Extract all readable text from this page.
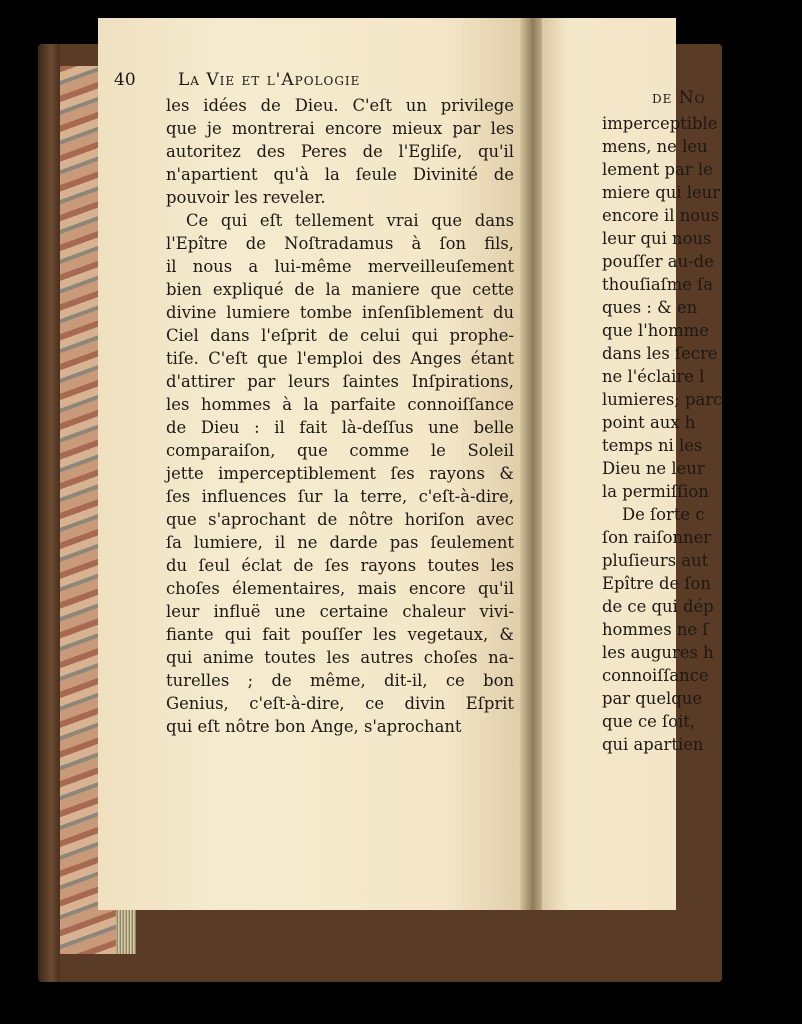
de No
imperceptible
mens, ne leu
lement par le
miere qui leur
encore il nous
leur qui nous
pouſſer au-de
thouſiaſme ſa
ques : & en
que l'homme
dans les ſecre
ne l'éclaire l
lumieres; parc
point aux h
temps ni les
Dieu ne leur
la permiſſion
De ſorte c
ſon raiſonner
pluſieurs aut
Epître de ſon
de ce qui dép
hommes ne ſ
les augures h
connoiſſance
par quelque
que ce ſoit,
qui apartien
40 La Vie et l'Apologie
les idées de Dieu. C'eſt un privilege
que je montrerai encore mieux par les
autoritez des Peres de l'Egliſe, qu'il
n'apartient qu'à la ſeule Divinité de
pouvoir les reveler.
Ce qui eſt tellement vrai que dans
l'Epître de Noſtradamus à ſon fils,
il nous a lui-même merveilleuſement
bien expliqué de la maniere que cette
divine lumiere tombe inſenſiblement du
Ciel dans l'eſprit de celui qui prophe-
tiſe. C'eſt que l'emploi des Anges étant
d'attirer par leurs ſaintes Inſpirations,
les hommes à la parfaite connoiſſance
de Dieu : il fait là-deſſus une belle
comparaiſon, que comme le Soleil
jette imperceptiblement ſes rayons &
ſes influences ſur la terre, c'eſt-à-dire,
que s'aprochant de nôtre horiſon avec
ſa lumiere, il ne darde pas ſeulement
du ſeul éclat de ſes rayons toutes les
choſes élementaires, mais encore qu'il
leur influë une certaine chaleur vivi-
fiante qui fait pouſſer les vegetaux, &
qui anime toutes les autres choſes na-
turelles ; de même, dit-il, ce bon
Genius, c'eſt-à-dire, ce divin Eſprit
qui eſt nôtre bon Ange, s'aprochant
